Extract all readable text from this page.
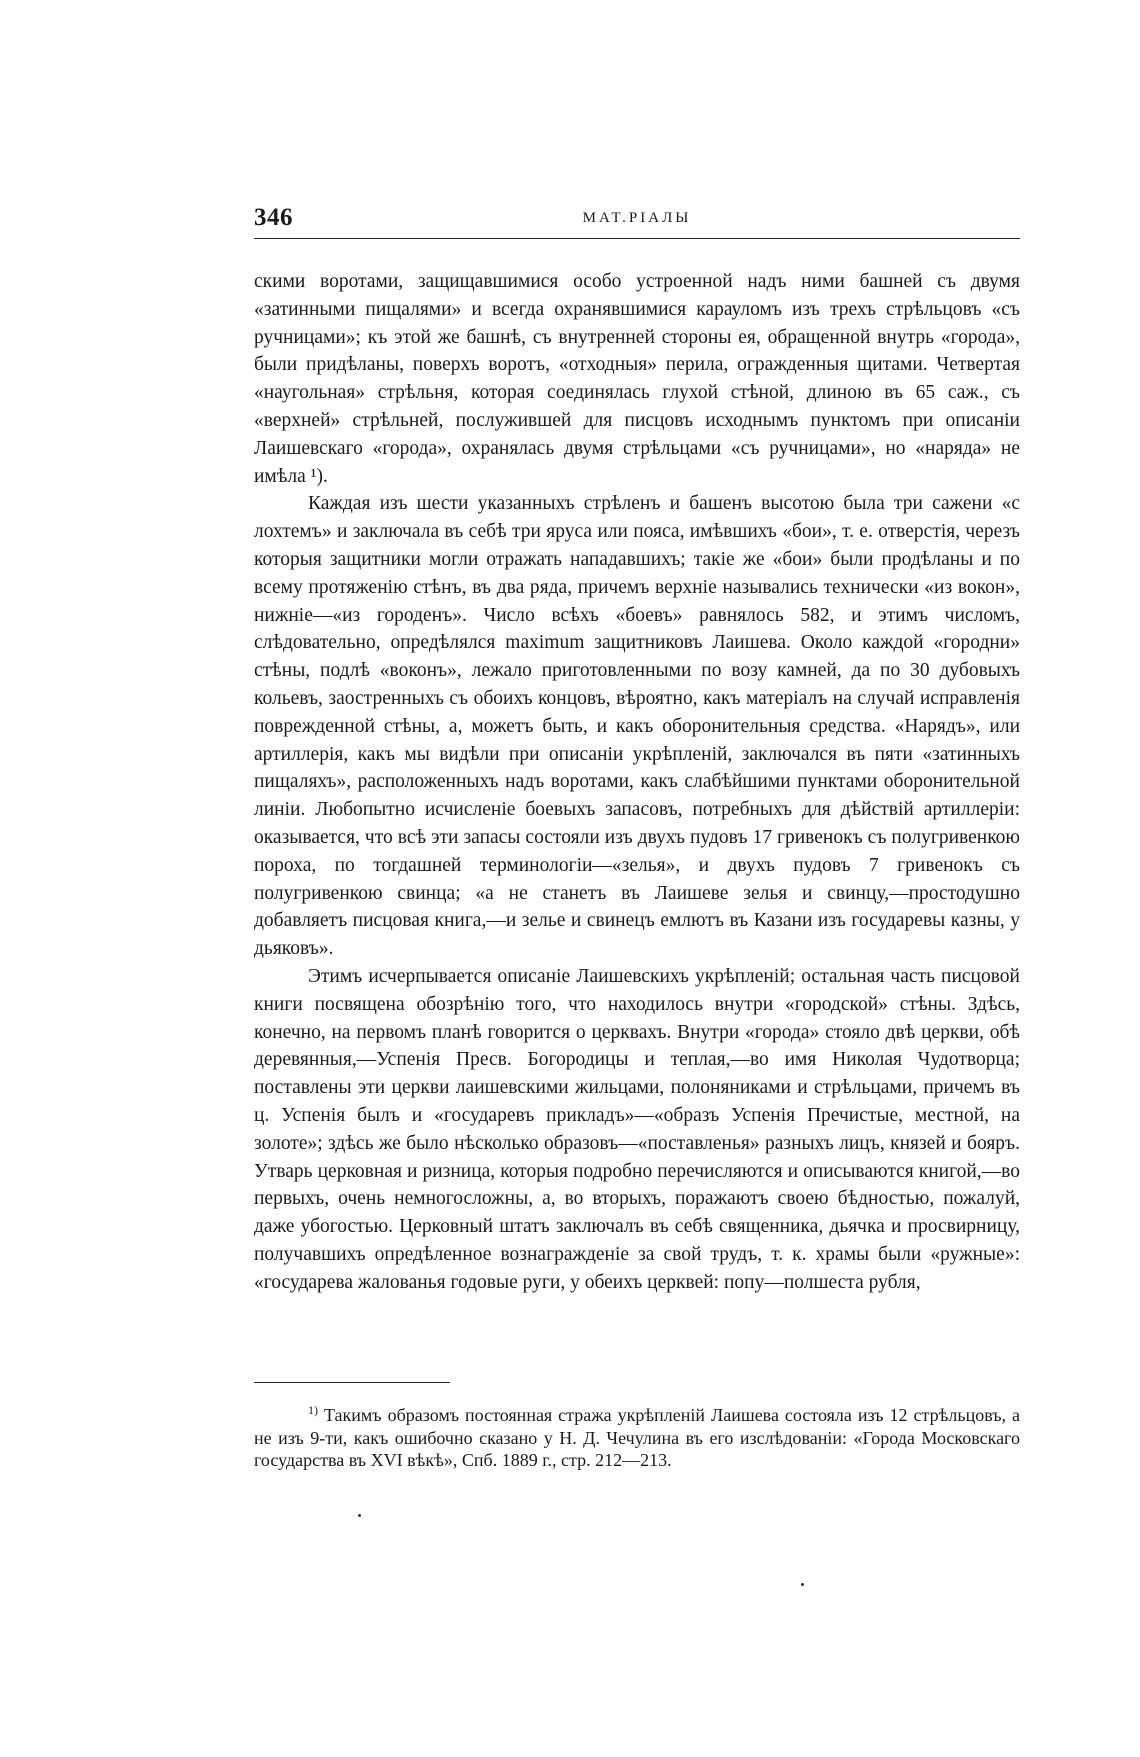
346	МАТ.РІАЛЫ

скими воротами, защищавшимися особо устроенной надъ ними башней съ двумя «затинными пищалями» и всегда охранявшимися карауломъ изъ трехъ стрѣльцовъ «съ ручницами»; къ этой же башнѣ, съ внутренней стороны ея, обращенной внутрь «города», были придѣланы, поверхъ воротъ, «отходныя» перила, огражденныя щитами. Четвертая «наугольная» стрѣльня, которая соединялась глухой стѣной, длиною въ 65 саж., съ «верхней» стрѣльней, послужившей для писцовъ исходнымъ пунктомъ при описаніи Лаишевскаго «города», охранялась двумя стрѣльцами «съ ручницами», но «наряда» не имѣла ¹).

Каждая изъ шести указанныхъ стрѣленъ и башенъ высотою была три сажени «с лохтемъ» и заключала въ себѣ три яруса или пояса, имѣвшихъ «бои», т. е. отверстія, черезъ которыя защитники могли отражать нападавшихъ; такіе же «бои» были продѣланы и по всему протяженію стѣнъ, въ два ряда, причемъ верхніе назывались технически «из вокон», нижніе—«из городенъ». Число всѣхъ «боевъ» равнялось 582, и этимъ числомъ, слѣдовательно, опредѣлялся maximum защитниковъ Лаишева. Около каждой «городни» стѣны, подлѣ «воконъ», лежало приготовленными по возу камней, да по 30 дубовыхъ кольевъ, заостренныхъ съ обоихъ концовъ, вѣроятно, какъ матеріалъ на случай исправленія поврежденной стѣны, а, можетъ быть, и какъ оборонительныя средства. «Нарядъ», или артиллерія, какъ мы видѣли при описаніи укрѣпленій, заключался въ пяти «затинныхъ пищаляхъ», расположенныхъ надъ воротами, какъ слабѣйшими пунктами оборонительной линіи. Любопытно исчисленіе боевыхъ запасовъ, потребныхъ для дѣйствій артиллеріи: оказывается, что всѣ эти запасы состояли изъ двухъ пудовъ 17 гривенокъ съ полугривенкою пороха, по тогдашней терминологіи—«зелья», и двухъ пудовъ 7 гривенокъ съ полугривенкою свинца; «а не станетъ въ Лаишеве зелья и свинцу,—простодушно добавляетъ писцовая книга,—и зелье и свинецъ емлютъ въ Казани изъ государевы казны, у дьяковъ».

Этимъ исчерпывается описаніе Лаишевскихъ укрѣпленій; остальная часть писцовой книги посвящена обозрѣнію того, что находилось внутри «городской» стѣны. Здѣсь, конечно, на первомъ планѣ говорится о церквахъ. Внутри «города» стояло двѣ церкви, обѣ деревянныя,—Успенія Пресв. Богородицы и теплая,—во имя Николая Чудотворца; поставлены эти церкви лаишевскими жильцами, полоняниками и стрѣльцами, причемъ въ ц. Успенія былъ и «государевъ прикладъ»—«образъ Успенія Пречистые, местной, на золоте»; здѣсь же было нѣсколько образовъ—«поставленья» разныхъ лицъ, князей и бояръ. Утварь церковная и ризница, которыя подробно перечисляются и описываются книгой,—во первыхъ, очень немногосложны, а, во вторыхъ, поражаютъ своею бѣдностью, пожалуй, даже убогостью. Церковный штатъ заключалъ въ себѣ священника, дьячка и просвирницу, получавшихъ опредѣленное вознагражденіе за свой трудъ, т. к. храмы были «ружные»: «государева жалованья годовые руги, у обеихъ церквей: попу—полшеста рубля,

$^{1)}$ Такимъ образомъ постоянная стража укрѣпленій Лаишева состояла изъ 12 стрѣльцовъ, а не изъ 9-ти, какъ ошибочно сказано у Н. Д. Чечулина въ его изслѣдованіи: «Города Московскаго государства въ XVI вѣкѣ», Спб. 1889 г., стр. 212—213.
